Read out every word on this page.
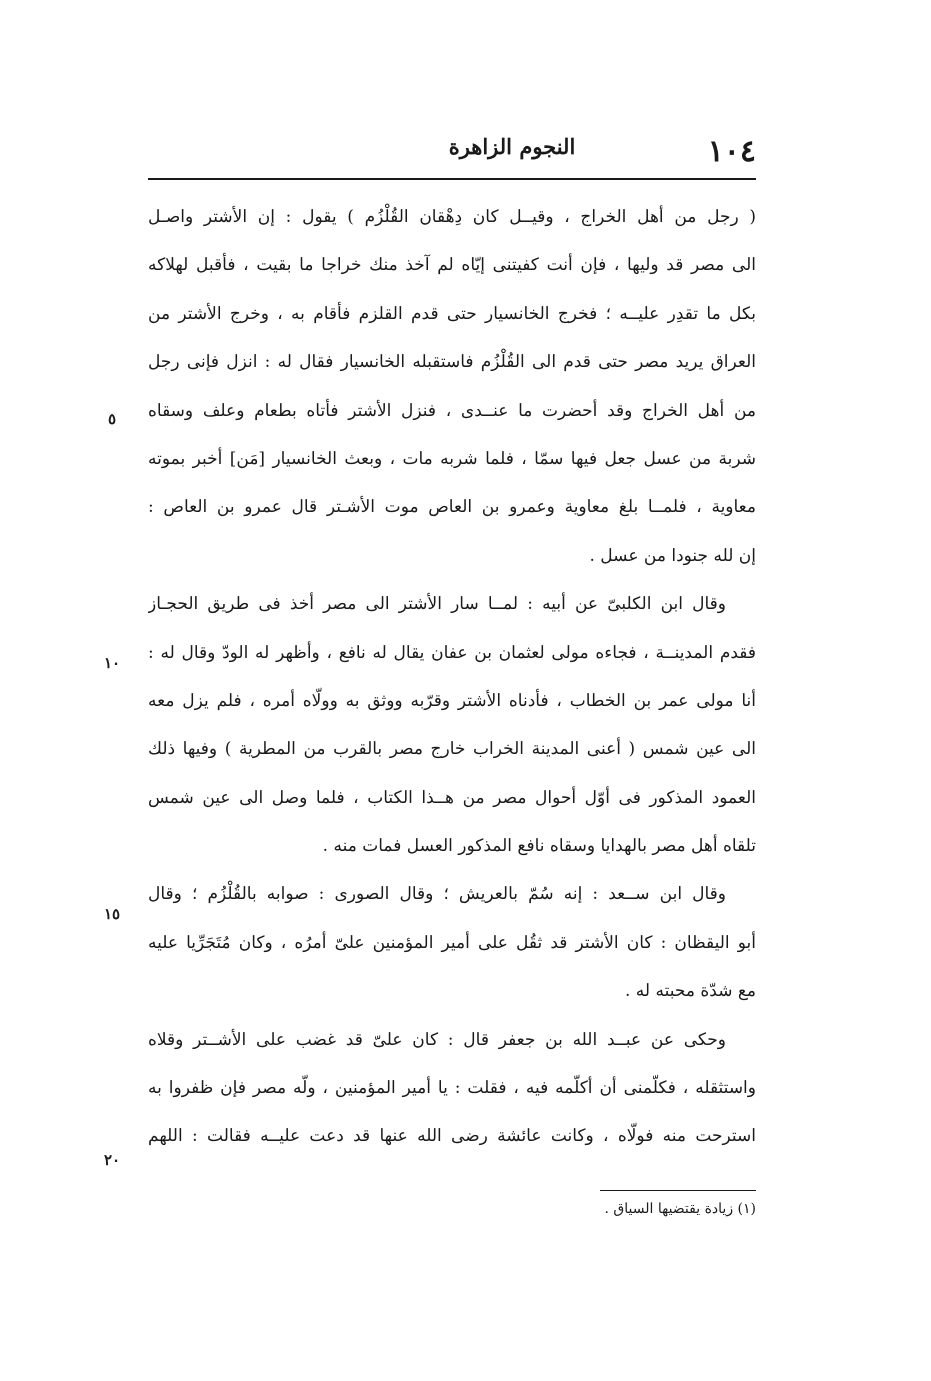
١٠٤
النجوم الزاهرة
( رجل من أهل الخراج ، وقيــل كان دِهْقان القُلْزُم ) يقول : إن الأشتر واصـل
الى مصر قد وليها ، فإن أنت كفيتنى إيّاه لم آخذ منك خراجا ما بقيت ، فأقبل لهلاكه
بكل ما تقدِر عليــه ؛ فخرج الخانسيار حتى قدم القلزم فأقام به ، وخرج الأشتر من
العراق يريد مصر حتى قدم الى القُلْزُم فاستقبله الخانسيار فقال له : انزل فإنى رجل
من أهل الخراج وقد أحضرت ما عنــدى ، فنزل الأشتر فأتاه بطعام وعلف وسقاه
شربة من عسل جعل فيها سمّا ، فلما شربه مات ، وبعث الخانسيار [مَن] أخبر بموته
معاوية ، فلمــا بلغ معاوية وعمرو بن العاص موت الأشـتر قال عمرو بن العاص :
إن لله جنودا من عسل .
وقال ابن الكلبىّ عن أبيه : لمــا سار الأشتر الى مصر أخذ فى طريق الحجـاز
فقدم المدينــة ، فجاءه مولى لعثمان بن عفان يقال له نافع ، وأظهر له الودّ وقال له :
أنا مولى عمر بن الخطاب ، فأدناه الأشتر وقرّبه ووثق به وولّاه أمره ، فلم يزل معه
الى عين شمس ( أعنى المدينة الخراب خارج مصر بالقرب من المطرية ) وفيها ذلك
العمود المذكور فى أوّل أحوال مصر من هــذا الكتاب ، فلما وصل الى عين شمس
تلقاه أهل مصر بالهدايا وسقاه نافع المذكور العسل فمات منه .
وقال ابن ســعد : إنه سُمّ بالعريش ؛ وقال الصورى : صوابه بالقُلْزُم ؛ وقال
أبو اليقظان : كان الأشتر قد ثقُل على أمير المؤمنين علىّ أمرُه ، وكان مُتَجَرِّيا عليه
مع شدّة محبته له .
وحكى عن عبــد الله بن جعفر قال : كان علىّ قد غضب على الأشــتر وقلاه
واستثقله ، فكلّمنى أن أكلّمه فيه ، فقلت : يا أمير المؤمنين ، ولّه مصر فإن ظفروا به
استرحت منه فولّاه ، وكانت عائشة رضى الله عنها قد دعت عليــه فقالت : اللهم
٥
١٠
١٥
٢٠
(١) زيادة يقتضيها السياق .
